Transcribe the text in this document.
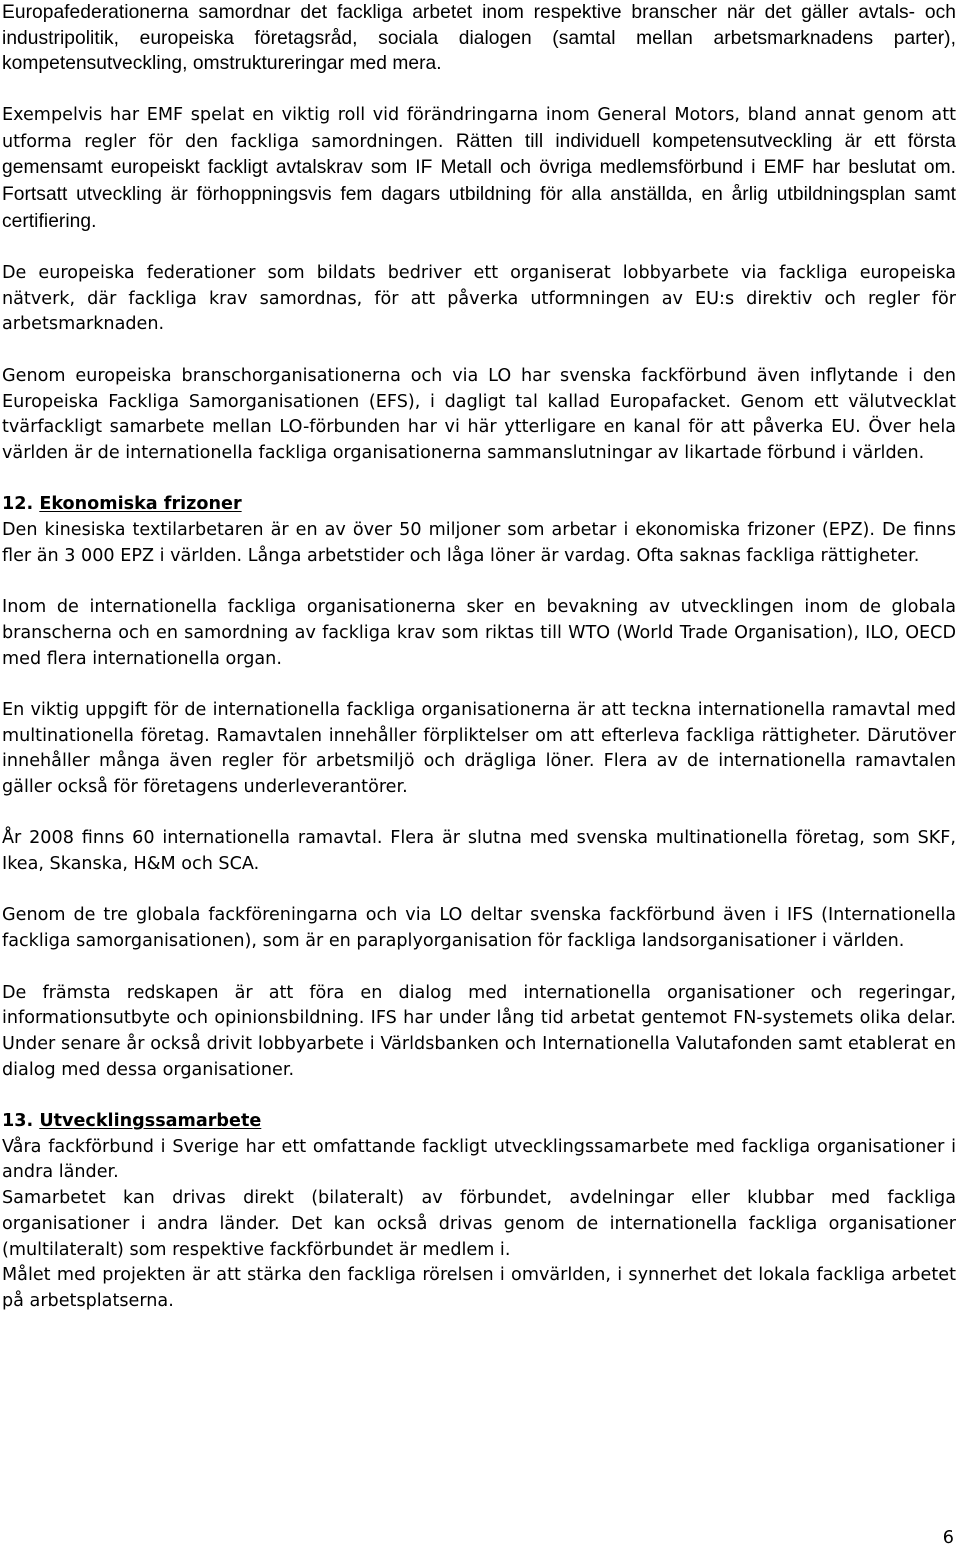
Europafederationerna samordnar det fackliga arbetet inom respektive branscher när det gäller avtals- och industripolitik, europeiska företagsråd, sociala dialogen (samtal mellan arbetsmarknadens parter), kompetensutveckling, omstruktureringar med mera.

Exempelvis har EMF spelat en viktig roll vid förändringarna inom General Motors, bland annat genom att utforma regler för den fackliga samordningen. Rätten till individuell kompetensutveckling är ett första gemensamt europeiskt fackligt avtalskrav som IF Metall och övriga medlemsförbund i EMF har beslutat om. Fortsatt utveckling är förhoppningsvis fem dagars utbildning för alla anställda, en årlig utbildningsplan samt certifiering.

De europeiska federationer som bildats bedriver ett organiserat lobbyarbete via fackliga europeiska nätverk, där fackliga krav samordnas, för att påverka utformningen av EU:s direktiv och regler för arbetsmarknaden.

Genom europeiska branschorganisationerna och via LO har svenska fackförbund även inflytande i den Europeiska Fackliga Samorganisationen (EFS), i dagligt tal kallad Europafacket. Genom ett välutvecklat tvärfackligt samarbete mellan LO-förbunden har vi här ytterligare en kanal för att påverka EU. Över hela världen är de internationella fackliga organisationerna sammanslutningar av likartade förbund i världen.

12. Ekonomiska frizoner

Den kinesiska textilarbetaren är en av över 50 miljoner som arbetar i ekonomiska frizoner (EPZ). De finns fler än 3 000 EPZ i världen. Långa arbetstider och låga löner är vardag. Ofta saknas fackliga rättigheter.

Inom de internationella fackliga organisationerna sker en bevakning av utvecklingen inom de globala branscherna och en samordning av fackliga krav som riktas till WTO (World Trade Organisation), ILO, OECD med flera internationella organ.

En viktig uppgift för de internationella fackliga organisationerna är att teckna internationella ramavtal med multinationella företag. Ramavtalen innehåller förpliktelser om att efterleva fackliga rättigheter. Därutöver innehåller många även regler för arbetsmiljö och drägliga löner. Flera av de internationella ramavtalen gäller också för företagens underleverantörer.

År 2008 finns 60 internationella ramavtal. Flera är slutna med svenska multinationella företag, som SKF, Ikea, Skanska, H&M och SCA.

Genom de tre globala fackföreningarna och via LO deltar svenska fackförbund även i IFS (Internationella fackliga samorganisationen), som är en paraplyorganisation för fackliga landsorganisationer i världen.

De främsta redskapen är att föra en dialog med internationella organisationer och regeringar, informationsutbyte och opinionsbildning. IFS har under lång tid arbetat gentemot FN-systemets olika delar. Under senare år också drivit lobbyarbete i Världsbanken och Internationella Valutafonden samt etablerat en dialog med dessa organisationer.

13. Utvecklingssamarbete

Våra fackförbund i Sverige har ett omfattande fackligt utvecklingssamarbete med fackliga organisationer i andra länder.

Samarbetet kan drivas direkt (bilateralt) av förbundet, avdelningar eller klubbar med fackliga organisationer i andra länder. Det kan också drivas genom de internationella fackliga organisationer (multilateralt) som respektive fackförbundet är medlem i.

Målet med projekten är att stärka den fackliga rörelsen i omvärlden, i synnerhet det lokala fackliga arbetet på arbetsplatserna.

6
